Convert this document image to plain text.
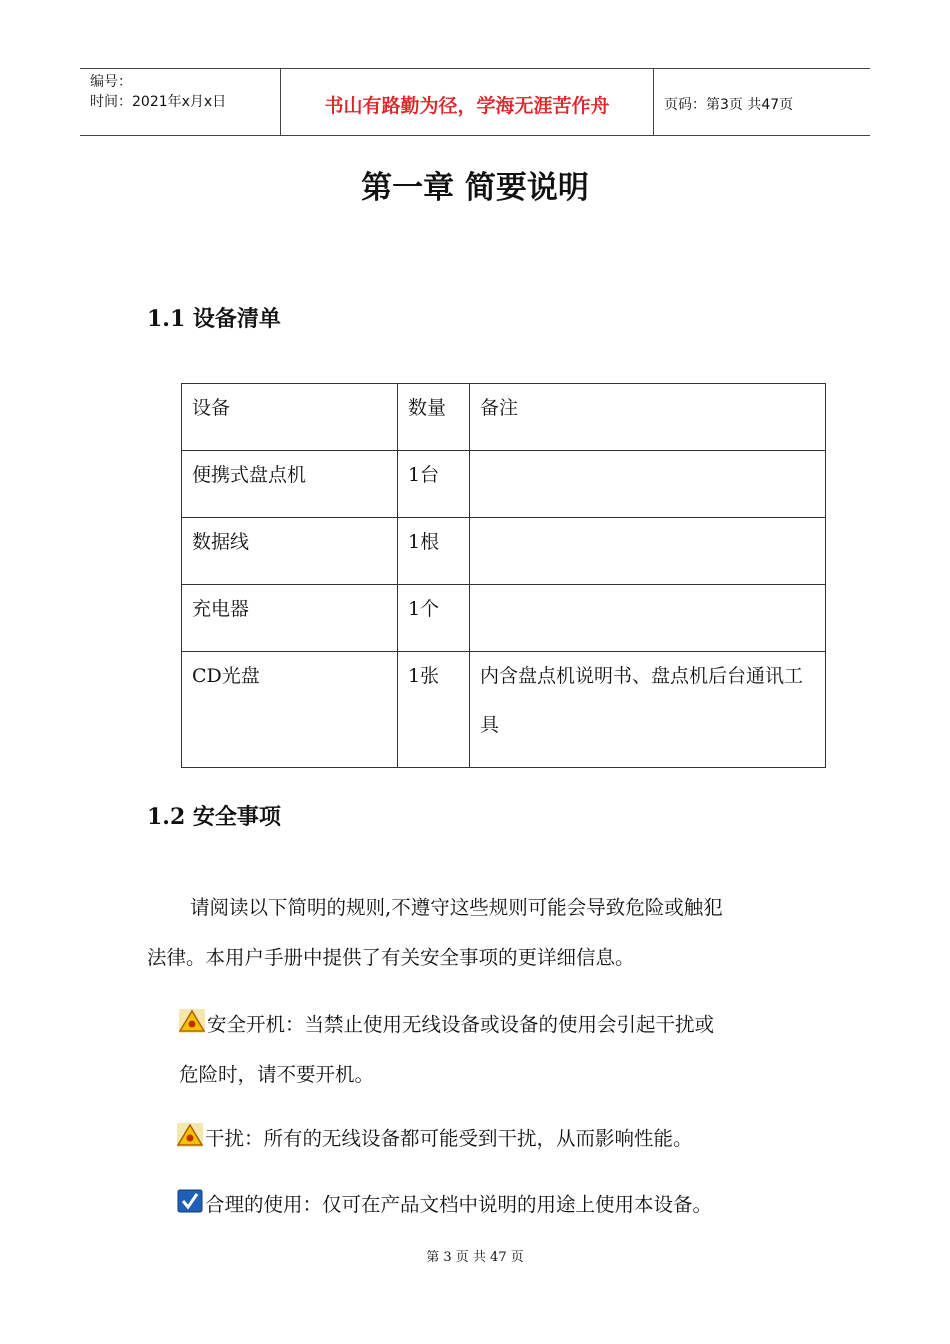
编号：
时间：2021年x月x日	书山有路勤为径，学海无涯苦作舟	页码：第3页 共47页
第一章 简要说明
1.1 设备清单
设备	数量	备注
便携式盘点机	1台	
数据线	1根	
充电器	1个	
CD光盘	1张	内含盘点机说明书、盘点机后台通讯工具
1.2 安全事项
请阅读以下简明的规则,不遵守这些规则可能会导致危险或触犯
法律。本用户手册中提供了有关安全事项的更详细信息。
安全开机：当禁止使用无线设备或设备的使用会引起干扰或
危险时，请不要开机。
干扰：所有的无线设备都可能受到干扰，从而影响性能。
合理的使用：仅可在产品文档中说明的用途上使用本设备。
第 3 页 共 47 页
